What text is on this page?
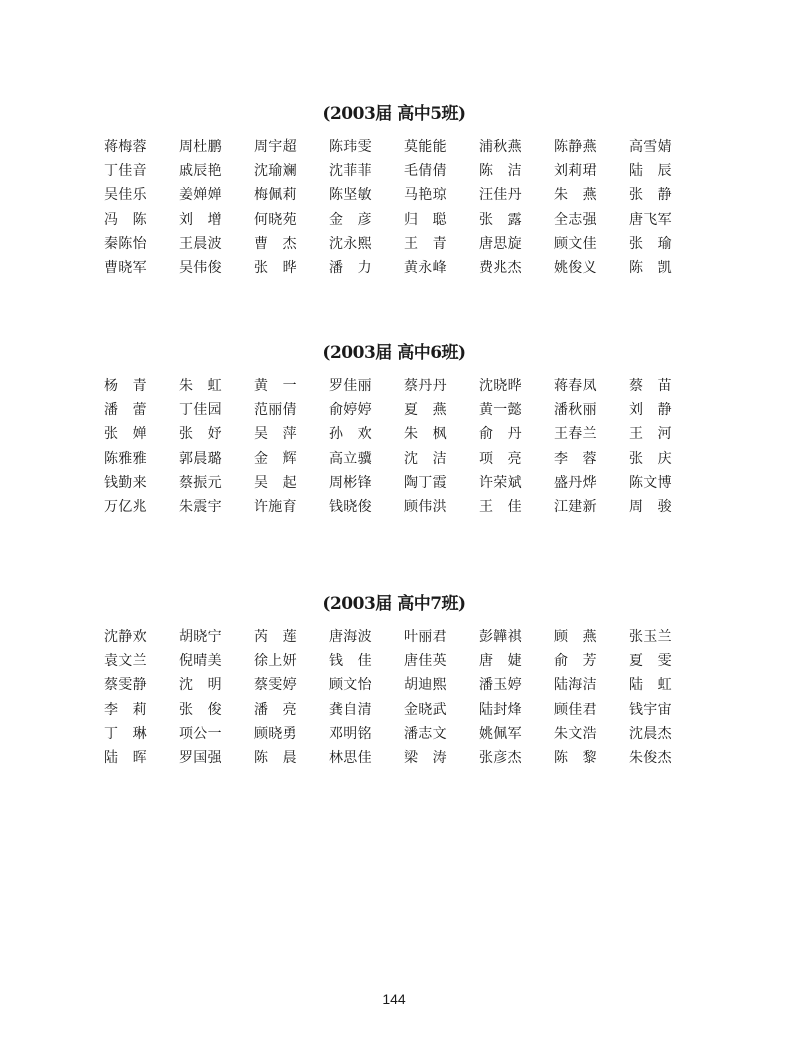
(2003届 高中5班)
蒋梅蓉	周杜鹏	周宇超	陈玮雯	莫能能	浦秋燕	陈静燕	高雪婧
丁佳音	戚辰艳	沈瑜斓	沈菲菲	毛倩倩	陈　洁	刘莉珺	陆　辰
吴佳乐	姜婵婵	梅佩莉	陈坚敏	马艳琼	汪佳丹	朱　燕	张　静
冯　陈	刘　增	何晓苑	金　彦	归　聪	张　露	全志强	唐飞军
秦陈怡	王晨波	曹　杰	沈永熙	王　青	唐思旋	顾文佳	张　瑜
曹晓军	吴伟俊	张　晔	潘　力	黄永峰	费兆杰	姚俊义	陈　凯
(2003届 高中6班)
杨　青	朱　虹	黄　一	罗佳丽	蔡丹丹	沈晓晔	蒋春凤	蔡　苗
潘　蕾	丁佳园	范丽倩	俞婷婷	夏　燕	黄一懿	潘秋丽	刘　静
张　婵	张　妤	吴　萍	孙　欢	朱　枫	俞　丹	王春兰	王　河
陈雅雅	郭晨璐	金　辉	高立骥	沈　洁	项　亮	李　蓉	张　庆
钱勤来	蔡振元	吴　起	周彬锋	陶丁霞	许荣斌	盛丹烨	陈文博
万亿兆	朱震宇	许施育	钱晓俊	顾伟洪	王　佳	江建新	周　骏
(2003届 高中7班)
沈静欢	胡晓宁	芮　莲	唐海波	叶丽君	彭韡祺	顾　燕	张玉兰
袁文兰	倪晴美	徐上妍	钱　佳	唐佳英	唐　婕	俞　芳	夏　雯
蔡雯静	沈　明	蔡雯婷	顾文怡	胡迪熙	潘玉婷	陆海洁	陆　虹
李　莉	张　俊	潘　亮	龚自清	金晓武	陆封烽	顾佳君	钱宇宙
丁　琳	项公一	顾晓勇	邓明铭	潘志文	姚佩军	朱文浩	沈晨杰
陆　晖	罗国强	陈　晨	林思佳	梁　涛	张彦杰	陈　黎	朱俊杰
144
